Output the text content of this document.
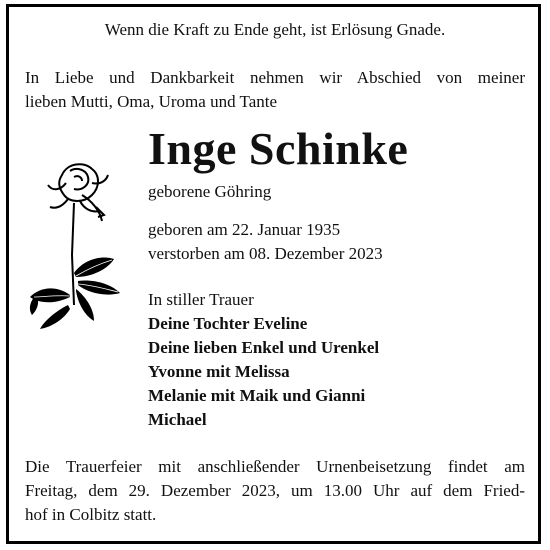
Wenn die Kraft zu Ende geht, ist Erlösung Gnade.
In Liebe und Dankbarkeit nehmen wir Abschied von meiner
lieben Mutti, Oma, Uroma und Tante
Inge Schinke
geborene Göhring
geboren am 22. Januar 1935
verstorben am 08. Dezember 2023
In stiller Trauer
Deine Tochter Eveline
Deine lieben Enkel und Urenkel
Yvonne mit Melissa
Melanie mit Maik und Gianni
Michael
Die Trauerfeier mit anschließender Urnenbeisetzung findet am
Freitag, dem 29. Dezember 2023, um 13.00 Uhr auf dem Fried-
hof in Colbitz statt.
